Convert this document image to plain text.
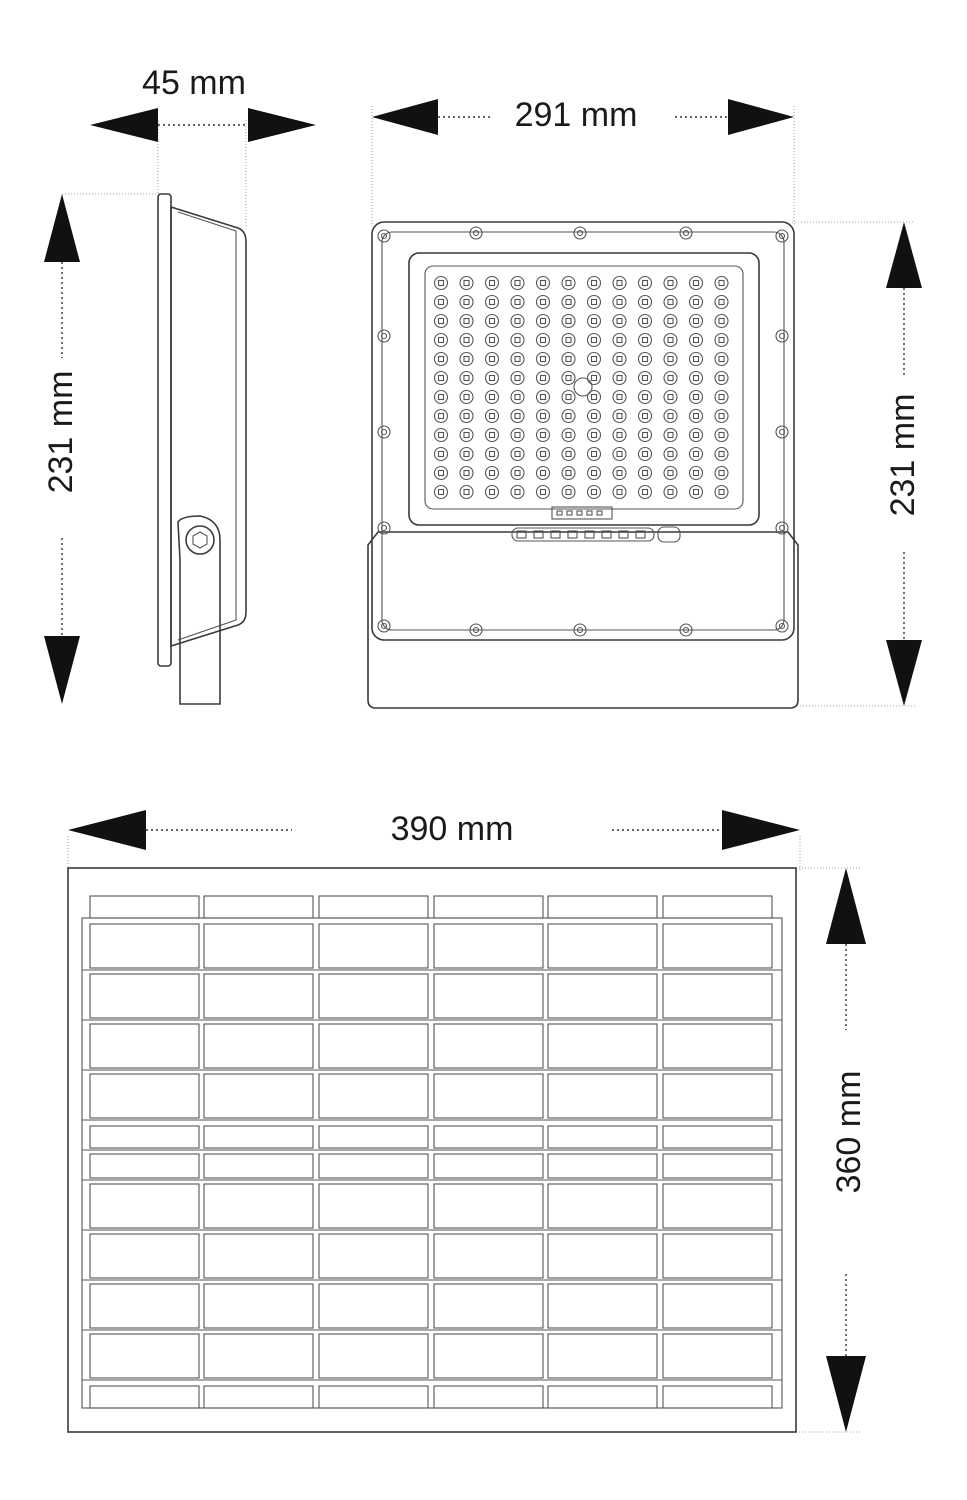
45 mm
231 mm
291 mm
231 mm
390 mm
360 mm
